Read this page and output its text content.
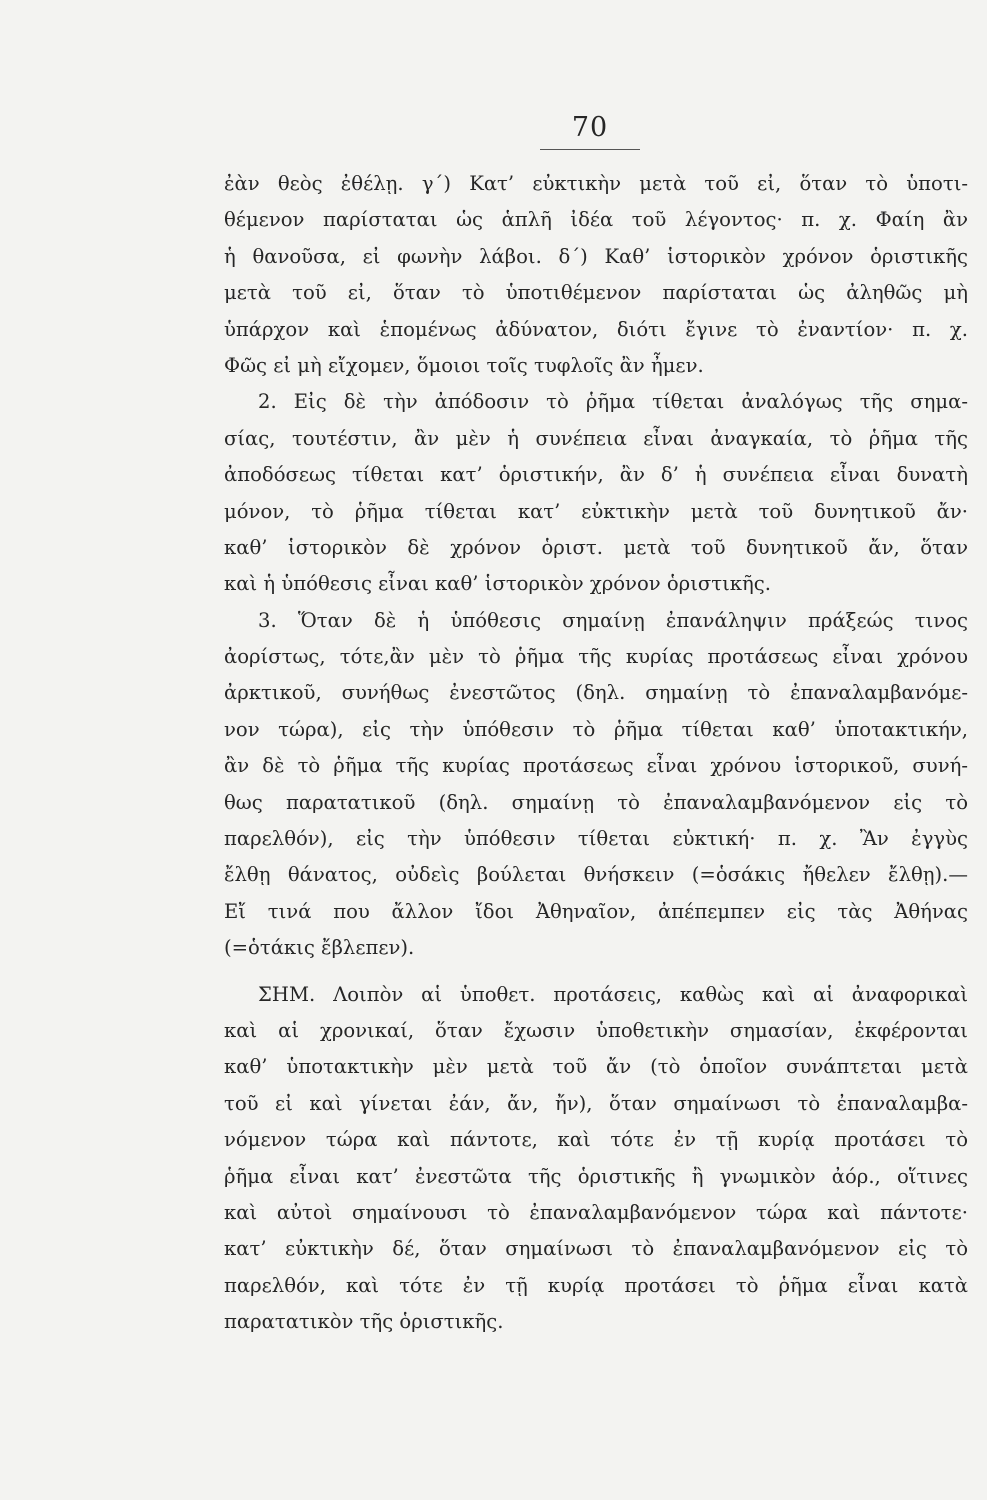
70
ἐὰν θεὸς ἐθέλῃ. γ΄) Κατ’ εὐκτικὴν μετὰ τοῦ εἰ, ὅταν τὸ ὑποτι-
θέμενον παρίσταται ὡς ἁπλῆ ἰδέα τοῦ λέγοντος· π. χ. Φαίη ἂν
ἡ θανοῦσα, εἰ φωνὴν λάβοι. δ΄) Καθ’ ἱστορικὸν χρόνον ὁριστικῆς
μετὰ τοῦ εἰ, ὅταν τὸ ὑποτιθέμενον παρίσταται ὡς ἀληθῶς μὴ
ὑπάρχον καὶ ἑπομένως ἀδύνατον, διότι ἔγινε τὸ ἐναντίον· π. χ.
Φῶς εἰ μὴ εἴχομεν, ὅμοιοι τοῖς τυφλοῖς ἂν ἦμεν.
2. Εἰς δὲ τὴν ἀπόδοσιν τὸ ῥῆμα τίθεται ἀναλόγως τῆς σημα-
σίας, τουτέστιν, ἂν μὲν ἡ συνέπεια εἶναι ἀναγκαία, τὸ ῥῆμα τῆς
ἀποδόσεως τίθεται κατ’ ὁριστικήν, ἂν δ’ ἡ συνέπεια εἶναι δυνατὴ
μόνον, τὸ ῥῆμα τίθεται κατ’ εὐκτικὴν μετὰ τοῦ δυνητικοῦ ἄν·
καθ’ ἱστορικὸν δὲ χρόνον ὁριστ. μετὰ τοῦ δυνητικοῦ ἄν, ὅταν
καὶ ἡ ὑπόθεσις εἶναι καθ’ ἱστορικὸν χρόνον ὁριστικῆς.
3. Ὅταν δὲ ἡ ὑπόθεσις σημαίνῃ ἐπανάληψιν πράξεώς τινος
ἀορίστως, τότε,ἂν μὲν τὸ ῥῆμα τῆς κυρίας προτάσεως εἶναι χρόνου
ἀρκτικοῦ, συνήθως ἐνεστῶτος (δηλ. σημαίνῃ τὸ ἐπαναλαμβανόμε-
νον τώρα), εἰς τὴν ὑπόθεσιν τὸ ῥῆμα τίθεται καθ’ ὑποτακτικήν,
ἂν δὲ τὸ ῥῆμα τῆς κυρίας προτάσεως εἶναι χρόνου ἱστορικοῦ, συνή-
θως παρατατικοῦ (δηλ. σημαίνῃ τὸ ἐπαναλαμβανόμενον εἰς τὸ
παρελθόν), εἰς τὴν ὑπόθεσιν τίθεται εὐκτική· π. χ. Ἂν ἐγγὺς
ἔλθῃ θάνατος, οὐδεὶς βούλεται θνήσκειν (=ὁσάκις ἤθελεν ἔλθῃ).—
Εἴ τινά που ἄλλον ἴδοι Ἀθηναῖον, ἀπέπεμπεν εἰς τὰς Ἀθήνας
(=ὁτάκις ἔβλεπεν).
ΣΗΜ. Λοιπὸν αἱ ὑποθετ. προτάσεις, καθὼς καὶ αἱ ἀναφορικαὶ
καὶ αἱ χρονικαί, ὅταν ἔχωσιν ὑποθετικὴν σημασίαν, ἐκφέρονται
καθ’ ὑποτακτικὴν μὲν μετὰ τοῦ ἄν (τὸ ὁποῖον συνάπτεται μετὰ
τοῦ εἰ καὶ γίνεται ἐάν, ἄν, ἤν), ὅταν σημαίνωσι τὸ ἐπαναλαμβα-
νόμενον τώρα καὶ πάντοτε, καὶ τότε ἐν τῇ κυρίᾳ προτάσει τὸ
ῥῆμα εἶναι κατ’ ἐνεστῶτα τῆς ὁριστικῆς ἢ γνωμικὸν ἀόρ., οἵτινες
καὶ αὐτοὶ σημαίνουσι τὸ ἐπαναλαμβανόμενον τώρα καὶ πάντοτε·
κατ’ εὐκτικὴν δέ, ὅταν σημαίνωσι τὸ ἐπαναλαμβανόμενον εἰς τὸ
παρελθόν, καὶ τότε ἐν τῇ κυρίᾳ προτάσει τὸ ῥῆμα εἶναι κατὰ
παρατατικὸν τῆς ὁριστικῆς.
